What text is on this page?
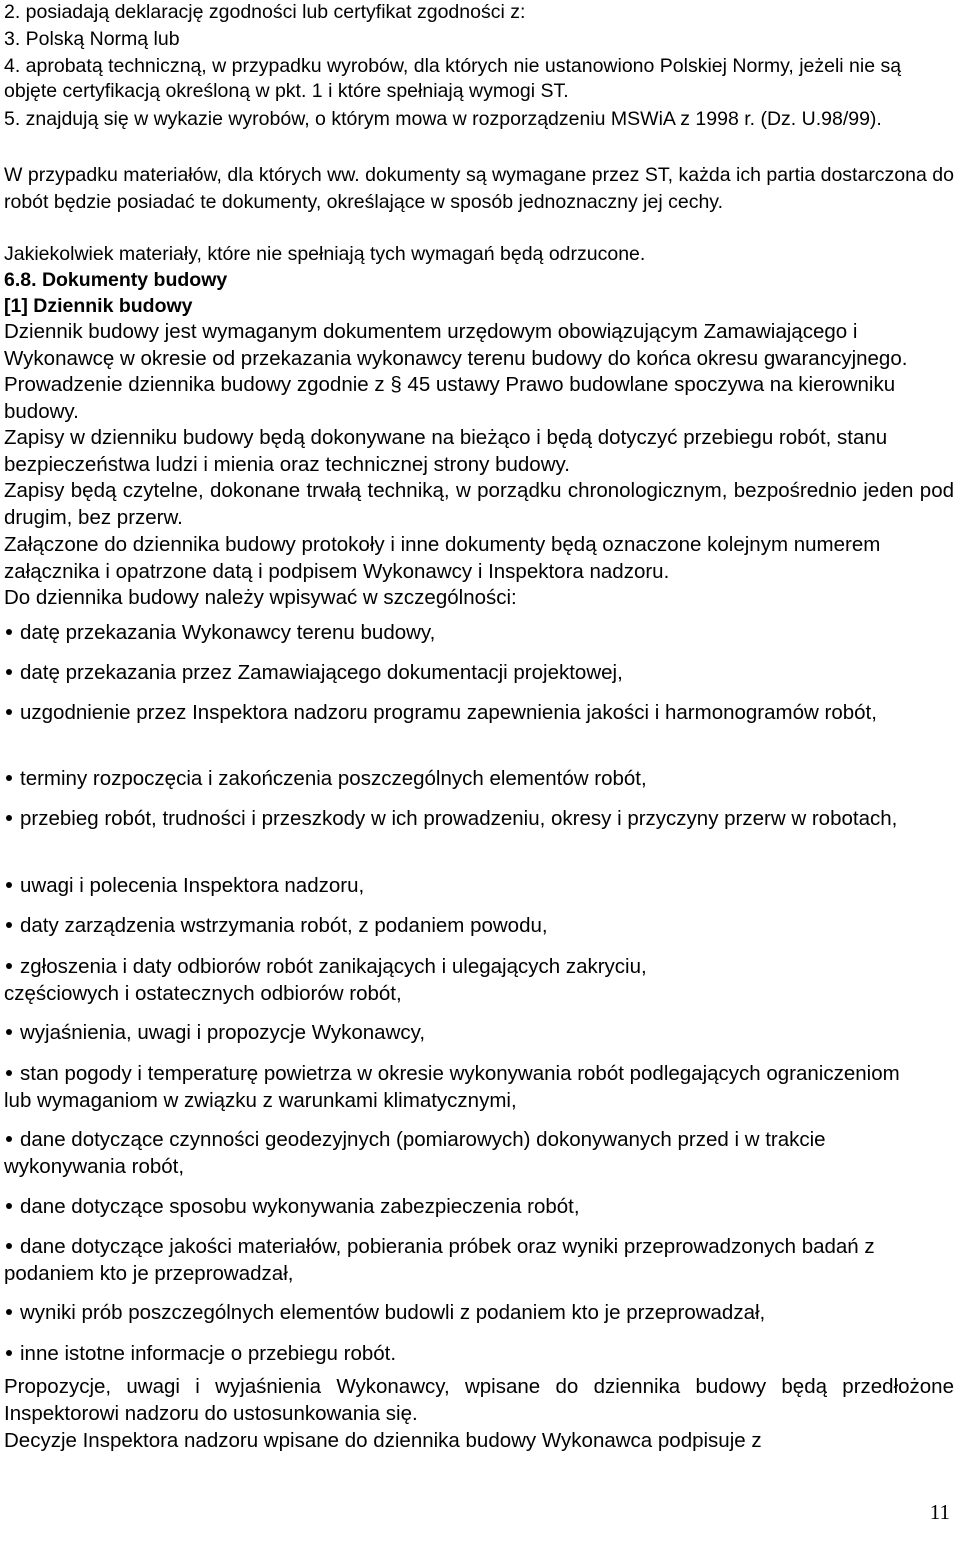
2. posiadają deklarację zgodności lub certyfikat zgodności z:

3. Polską Normą lub

4. aprobatą techniczną, w przypadku wyrobów, dla których nie ustanowiono Polskiej Normy, jeżeli nie są objęte certyfikacją określoną w pkt. 1 i które spełniają wymogi ST.

5. znajdują się w wykazie wyrobów, o którym mowa w rozporządzeniu MSWiA z 1998 r. (Dz. U.98/99).

W przypadku materiałów, dla których ww. dokumenty są wymagane przez ST, każda ich partia dostarczona do robót będzie posiadać te dokumenty, określające w sposób jednoznaczny jej cechy.

Jakiekolwiek materiały, które nie spełniają tych wymagań będą odrzucone.

6.8. Dokumenty budowy

[1] Dziennik budowy

Dziennik budowy jest wymaganym dokumentem urzędowym obowiązującym Zamawiającego i Wykonawcę w okresie od przekazania wykonawcy terenu budowy do końca okresu gwarancyjnego. Prowadzenie dziennika budowy zgodnie z § 45 ustawy Prawo budowlane spoczywa na kierowniku budowy.

Zapisy w dzienniku budowy będą dokonywane na bieżąco i będą dotyczyć przebiegu robót, stanu bezpieczeństwa ludzi i mienia oraz technicznej strony budowy.

Zapisy będą czytelne, dokonane trwałą techniką, w porządku chronologicznym, bezpośrednio jeden pod drugim, bez przerw.

Załączone do dziennika budowy protokoły i inne dokumenty będą oznaczone kolejnym numerem załącznika i opatrzone datą i podpisem Wykonawcy i Inspektora nadzoru.

Do dziennika budowy należy wpisywać w szczególności:

datę przekazania Wykonawcy terenu budowy,

datę przekazania przez Zamawiającego dokumentacji projektowej,

uzgodnienie przez Inspektora nadzoru programu zapewnienia jakości i harmonogramów robót,

terminy rozpoczęcia i zakończenia poszczególnych elementów robót,

przebieg robót, trudności i przeszkody w ich prowadzeniu, okresy i przyczyny przerw w robotach,

uwagi i polecenia Inspektora nadzoru,

daty zarządzenia wstrzymania robót, z podaniem powodu,

zgłoszenia i daty odbiorów robót zanikających i ulegających zakryciu, częściowych i ostatecznych odbiorów robót,

wyjaśnienia, uwagi i propozycje Wykonawcy,

stan pogody i temperaturę powietrza w okresie wykonywania robót podlegających ograniczeniom lub wymaganiom w związku z warunkami klimatycznymi,

dane dotyczące czynności geodezyjnych (pomiarowych) dokonywanych przed i w trakcie wykonywania robót,

dane dotyczące sposobu wykonywania zabezpieczenia robót,

dane dotyczące jakości materiałów, pobierania próbek oraz wyniki przeprowadzonych badań z podaniem kto je przeprowadzał,

wyniki prób poszczególnych elementów budowli z podaniem kto je przeprowadzał,

inne istotne informacje o przebiegu robót.

Propozycje, uwagi i wyjaśnienia Wykonawcy, wpisane do dziennika budowy będą przedłożone Inspektorowi nadzoru do ustosunkowania się.

Decyzje Inspektora nadzoru wpisane do dziennika budowy Wykonawca podpisuje z

11
